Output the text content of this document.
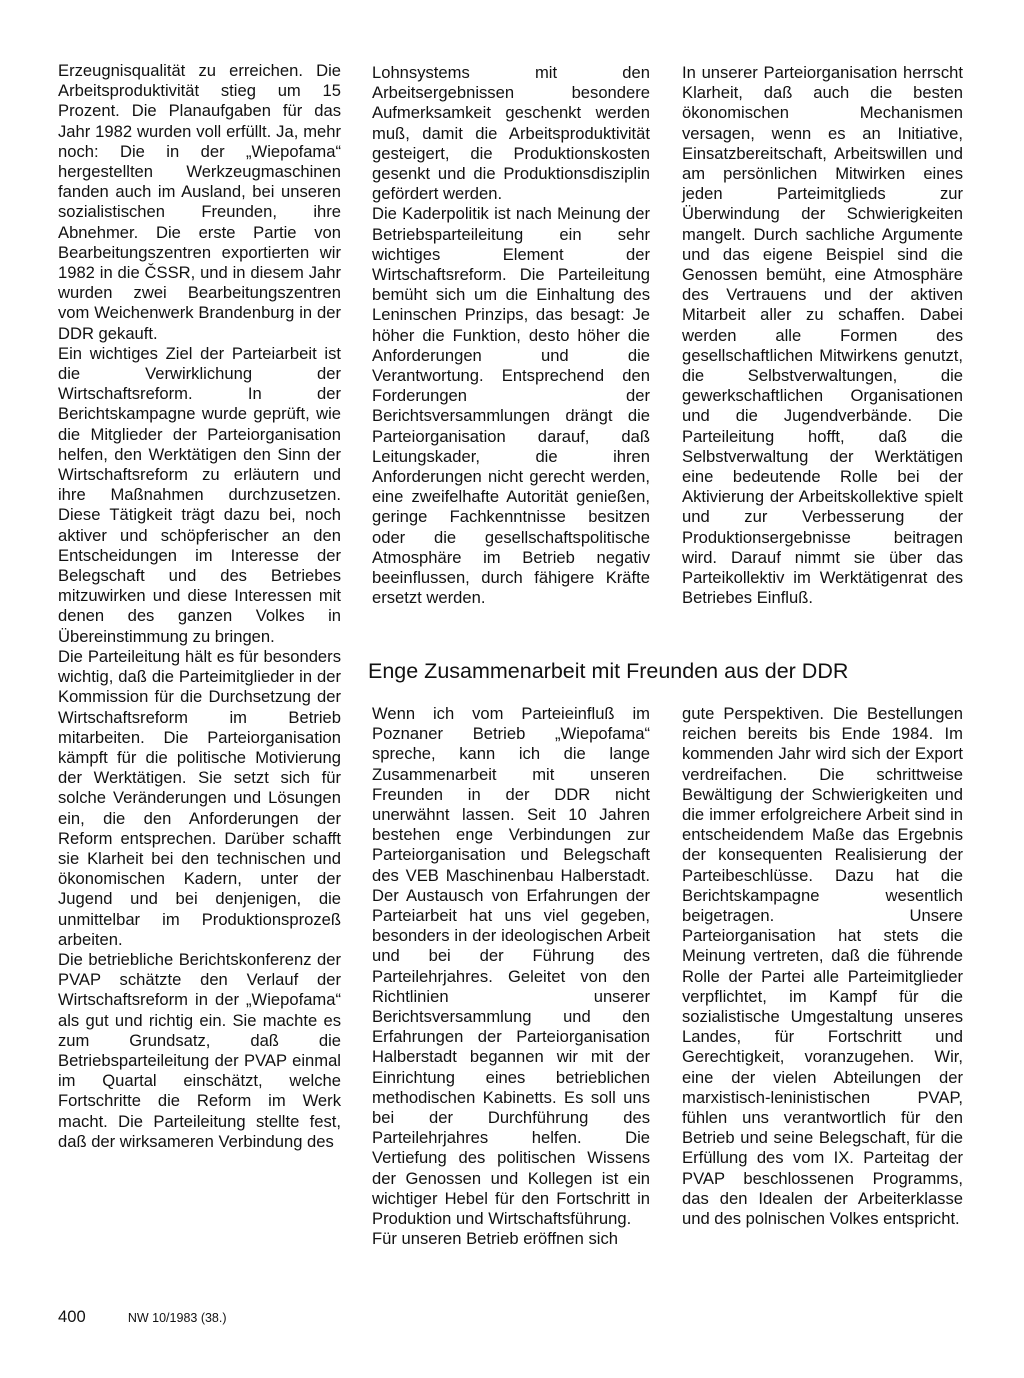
Erzeugnisqualität zu erreichen. Die Arbeitsproduktivität stieg um 15 Prozent. Die Planaufgaben für das Jahr 1982 wurden voll erfüllt. Ja, mehr noch: Die in der „Wiepofama“ hergestellten Werkzeugmaschinen fanden auch im Ausland, bei unseren sozialistischen Freunden, ihre Abnehmer. Die erste Partie von Bearbeitungszentren exportierten wir 1982 in die ČSSR, und in diesem Jahr wurden zwei Bearbeitungszentren vom Weichenwerk Brandenburg in der DDR gekauft.

Ein wichtiges Ziel der Parteiarbeit ist die Verwirklichung der Wirtschaftsreform. In der Berichtskampagne wurde geprüft, wie die Mitglieder der Parteiorganisation helfen, den Werktätigen den Sinn der Wirtschaftsreform zu erläutern und ihre Maßnahmen durchzusetzen. Diese Tätigkeit trägt dazu bei, noch aktiver und schöpferischer an den Entscheidungen im Interesse der Belegschaft und des Betriebes mitzuwirken und diese Interessen mit denen des ganzen Volkes in Übereinstimmung zu bringen.

Die Parteileitung hält es für besonders wichtig, daß die Parteimitglieder in der Kommission für die Durchsetzung der Wirtschaftsreform im Betrieb mitarbeiten. Die Parteiorganisation kämpft für die politische Motivierung der Werktätigen. Sie setzt sich für solche Veränderungen und Lösungen ein, die den Anforderungen der Reform entsprechen. Darüber schafft sie Klarheit bei den technischen und ökonomischen Kadern, unter der Jugend und bei denjenigen, die unmittelbar im Produktionsprozeß arbeiten.

Die betriebliche Berichtskonferenz der PVAP schätzte den Verlauf der Wirtschaftsreform in der „Wiepofama“ als gut und richtig ein. Sie machte es zum Grundsatz, daß die Betriebsparteileitung der PVAP einmal im Quartal einschätzt, welche Fortschritte die Reform im Werk macht. Die Parteileitung stellte fest, daß der wirksameren Verbindung des

Lohnsystems mit den Arbeitsergebnissen besondere Aufmerksamkeit geschenkt werden muß, damit die Arbeitsproduktivität gesteigert, die Produktionskosten gesenkt und die Produktionsdisziplin gefördert werden.

Die Kaderpolitik ist nach Meinung der Betriebsparteileitung ein sehr wichtiges Element der Wirtschaftsreform. Die Parteileitung bemüht sich um die Einhaltung des Leninschen Prinzips, das besagt: Je höher die Funktion, desto höher die Anforderungen und die Verantwortung. Entsprechend den Forderungen der Berichtsversammlungen drängt die Parteiorganisation darauf, daß Leitungskader, die ihren Anforderungen nicht gerecht werden, eine zweifelhafte Autorität genießen, geringe Fachkenntnisse besitzen oder die gesellschaftspolitische Atmosphäre im Betrieb negativ beeinflussen, durch fähigere Kräfte ersetzt werden.

In unserer Parteiorganisation herrscht Klarheit, daß auch die besten ökonomischen Mechanismen versagen, wenn es an Initiative, Einsatzbereitschaft, Arbeitswillen und am persönlichen Mitwirken eines jeden Parteimitglieds zur Überwindung der Schwierigkeiten mangelt. Durch sachliche Argumente und das eigene Beispiel sind die Genossen bemüht, eine Atmosphäre des Vertrauens und der aktiven Mitarbeit aller zu schaffen. Dabei werden alle Formen des gesellschaftlichen Mitwirkens genutzt, die Selbstverwaltungen, die gewerkschaftlichen Organisationen und die Jugendverbände. Die Parteileitung hofft, daß die Selbstverwaltung der Werktätigen eine bedeutende Rolle bei der Aktivierung der Arbeitskollektive spielt und zur Verbesserung der Produktionsergebnisse beitragen wird. Darauf nimmt sie über das Parteikollektiv im Werktätigenrat des Betriebes Einfluß.

Enge Zusammenarbeit mit Freunden aus der DDR

Wenn ich vom Parteieinfluß im Poznaner Betrieb „Wiepofama“ spreche, kann ich die lange Zusammenarbeit mit unseren Freunden in der DDR nicht unerwähnt lassen. Seit 10 Jahren bestehen enge Verbindungen zur Parteiorganisation und Belegschaft des VEB Maschinenbau Halberstadt. Der Austausch von Erfahrungen der Parteiarbeit hat uns viel gegeben, besonders in der ideologischen Arbeit und bei der Führung des Parteilehrjahres. Geleitet von den Richtlinien unserer Berichtsversammlung und den Erfahrungen der Parteiorganisation Halberstadt begannen wir mit der Einrichtung eines betrieblichen methodischen Kabinetts. Es soll uns bei der Durchführung des Parteilehrjahres helfen. Die Vertiefung des politischen Wissens der Genossen und Kollegen ist ein wichtiger Hebel für den Fortschritt in Produktion und Wirtschaftsführung.

Für unseren Betrieb eröffnen sich

gute Perspektiven. Die Bestellungen reichen bereits bis Ende 1984. Im kommenden Jahr wird sich der Export verdreifachen. Die schrittweise Bewältigung der Schwierigkeiten und die immer erfolgreichere Arbeit sind in entscheidendem Maße das Ergebnis der konsequenten Realisierung der Parteibeschlüsse. Dazu hat die Berichtskampagne wesentlich beigetragen. Unsere Parteiorganisation hat stets die Meinung vertreten, daß die führende Rolle der Partei alle Parteimitglieder verpflichtet, im Kampf für die sozialistische Umgestaltung unseres Landes, für Fortschritt und Gerechtigkeit, voranzugehen. Wir, eine der vielen Abteilungen der marxistisch-leninistischen PVAP, fühlen uns verantwortlich für den Betrieb und seine Belegschaft, für die Erfüllung des vom IX. Parteitag der PVAP beschlossenen Programms, das den Idealen der Arbeiterklasse und des polnischen Volkes entspricht.

400	NW 10/1983 (38.)
